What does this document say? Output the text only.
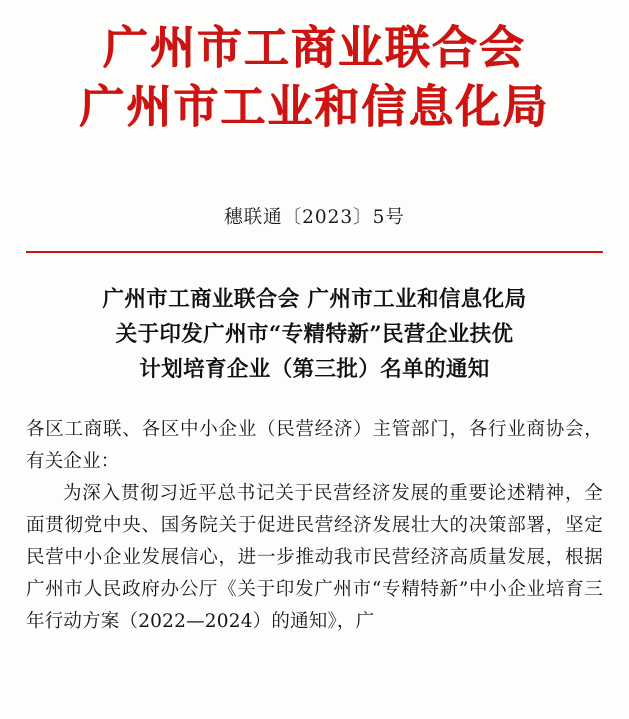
广州市工商业联合会
广州市工业和信息化局
穗联通〔2023〕5号
广州市工商业联合会 广州市工业和信息化局
关于印发广州市“专精特新”民营企业扶优
计划培育企业（第三批）名单的通知

各区工商联、各区中小企业（民营经济）主管部门，各行业商协会，有关企业：

为深入贯彻习近平总书记关于民营经济发展的重要论述精神，全面贯彻党中央、国务院关于促进民营经济发展壮大的决策部署，坚定民营中小企业发展信心，进一步推动我市民营经济高质量发展，根据广州市人民政府办公厅《关于印发广州市“专精特新”中小企业培育三年行动方案（2022—2024）的通知》，广
